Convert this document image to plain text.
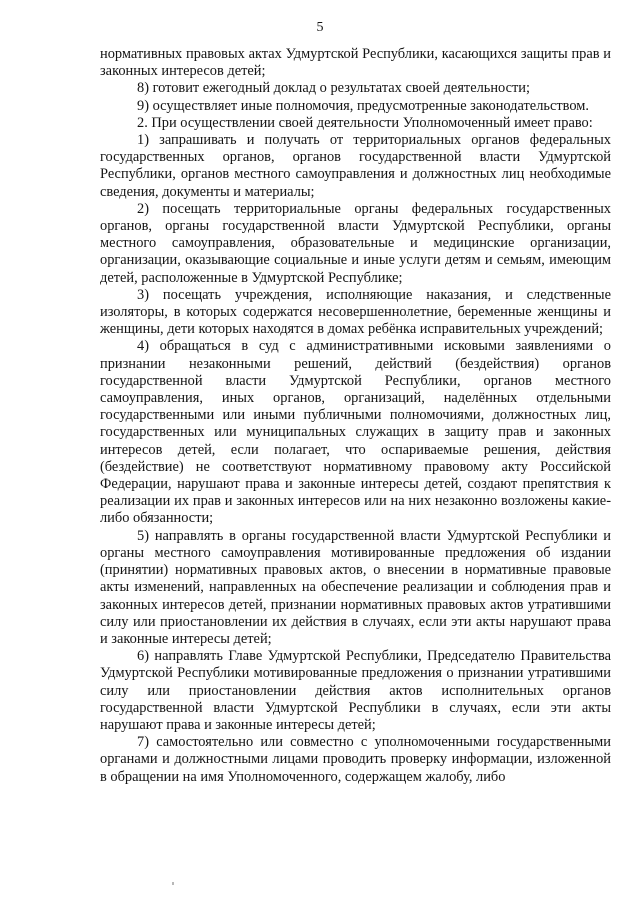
5

нормативных правовых актах Удмуртской Республики, касающихся защиты прав и законных интересов детей;

8) готовит ежегодный доклад о результатах своей деятельности;

9) осуществляет иные полномочия, предусмотренные законодательством.

2. При осуществлении своей деятельности Уполномоченный имеет право:

1) запрашивать и получать от территориальных органов федеральных государственных органов, органов государственной власти Удмуртской Республики, органов местного самоуправления и должностных лиц необходимые сведения, документы и материалы;

2) посещать территориальные органы федеральных государственных органов, органы государственной власти Удмуртской Республики, органы местного самоуправления, образовательные и медицинские организации, организации, оказывающие социальные и иные услуги детям и семьям, имеющим детей, расположенные в Удмуртской Республике;

3) посещать учреждения, исполняющие наказания, и следственные изоляторы, в которых содержатся несовершеннолетние, беременные женщины и женщины, дети которых находятся в домах ребёнка исправительных учреждений;

4) обращаться в суд с административными исковыми заявлениями о признании незаконными решений, действий (бездействия) органов государственной власти Удмуртской Республики, органов местного самоуправления, иных органов, организаций, наделённых отдельными государственными или иными публичными полномочиями, должностных лиц, государственных или муниципальных служащих в защиту прав и законных интересов детей, если полагает, что оспариваемые решения, действия (бездействие) не соответствуют нормативному правовому акту Российской Федерации, нарушают права и законные интересы детей, создают препятствия к реализации их прав и законных интересов или на них незаконно возложены какие-либо обязанности;

5) направлять в органы государственной власти Удмуртской Республики и органы местного самоуправления мотивированные предложения об издании (принятии) нормативных правовых актов, о внесении в нормативные правовые акты изменений, направленных на обеспечение реализации и соблюдения прав и законных интересов детей, признании нормативных правовых актов утратившими силу или приостановлении их действия в случаях, если эти акты нарушают права и законные интересы детей;

6) направлять Главе Удмуртской Республики, Председателю Правительства Удмуртской Республики мотивированные предложения о признании утратившими силу или приостановлении действия актов исполнительных органов государственной власти Удмуртской Республики в случаях, если эти акты нарушают права и законные интересы детей;

7) самостоятельно или совместно с уполномоченными государственными органами и должностными лицами проводить проверку информации, изложенной в обращении на имя Уполномоченного, содержащем жалобу, либо
